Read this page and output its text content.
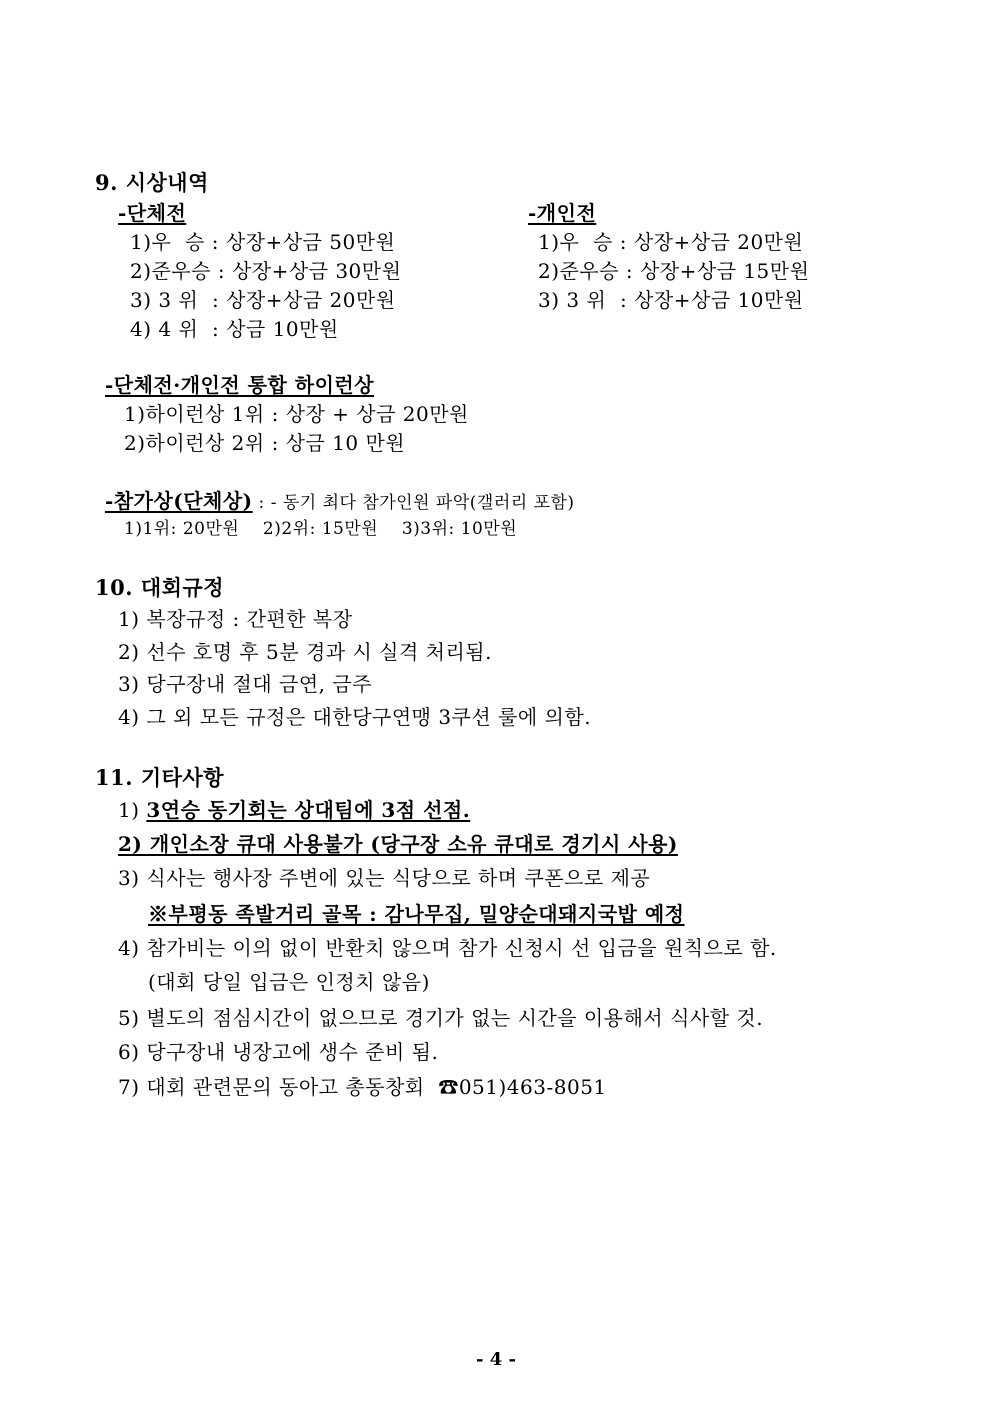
9. 시상내역
-단체전	-개인전
1)우  승 : 상장+상금 50만원
2)준우승 : 상장+상금 30만원
3) 3 위  : 상장+상금 20만원
4) 4 위  : 상금 10만원
1)우  승 : 상장+상금 20만원
2)준우승 : 상장+상금 15만원
3) 3 위  : 상장+상금 10만원
-단체전·개인전 통합 하이런상
1)하이런상 1위 : 상장 + 상금 20만원
2)하이런상 2위 : 상금 10 만원
-참가상(단체상) : - 동기 최다 참가인원 파악(갤러리 포함)
1)1위: 20만원    2)2위: 15만원    3)3위: 10만원
10. 대회규정
1) 복장규정 : 간편한 복장
2) 선수 호명 후 5분 경과 시 실격 처리됨.
3) 당구장내 절대 금연, 금주
4) 그 외 모든 규정은 대한당구연맹 3쿠션 룰에 의함.
11. 기타사항
1) 3연승 동기회는 상대팀에 3점 선점.
2) 개인소장 큐대 사용불가 (당구장 소유 큐대로 경기시 사용)
3) 식사는 행사장 주변에 있는 식당으로 하며 쿠폰으로 제공
※부평동 족발거리 골목 : 감나무집, 밀양순대돼지국밥 예정
4) 참가비는 이의 없이 반환치 않으며 참가 신청시 선 입금을 원칙으로 함.
(대회 당일 입금은 인정치 않음)
5) 별도의 점심시간이 없으므로 경기가 없는 시간을 이용해서 식사할 것.
6) 당구장내 냉장고에 생수 준비 됨.
7) 대회 관련문의 동아고 총동창회  ☎051)463-8051
- 4 -
